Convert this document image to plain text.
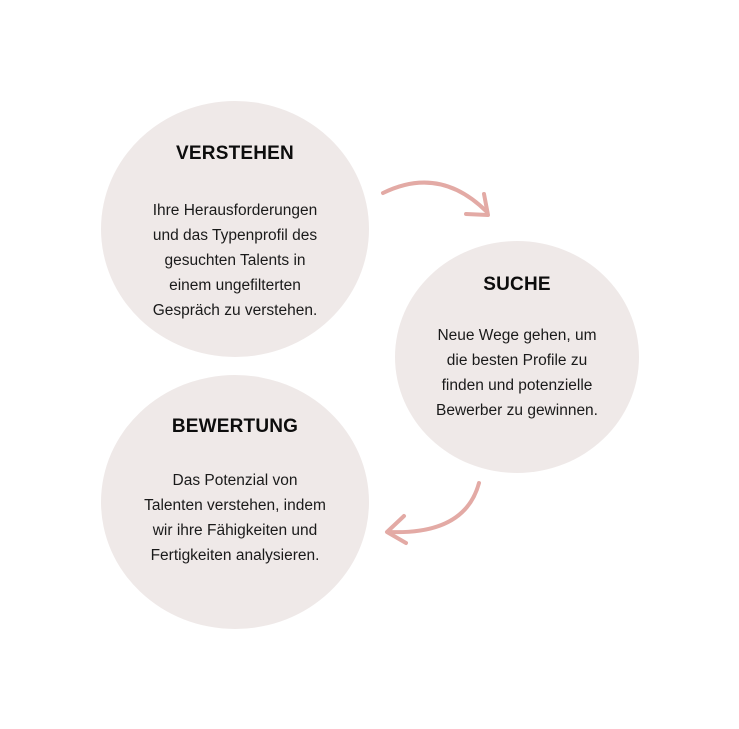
VERSTEHEN
Ihre Herausforderungen
und das Typenprofil des
gesuchten Talents in
einem ungefilterten
Gespräch zu verstehen.
SUCHE
Neue Wege gehen, um
die besten Profile zu
finden und potenzielle
Bewerber zu gewinnen.
BEWERTUNG
Das Potenzial von
Talenten verstehen, indem
wir ihre Fähigkeiten und
Fertigkeiten analysieren.
